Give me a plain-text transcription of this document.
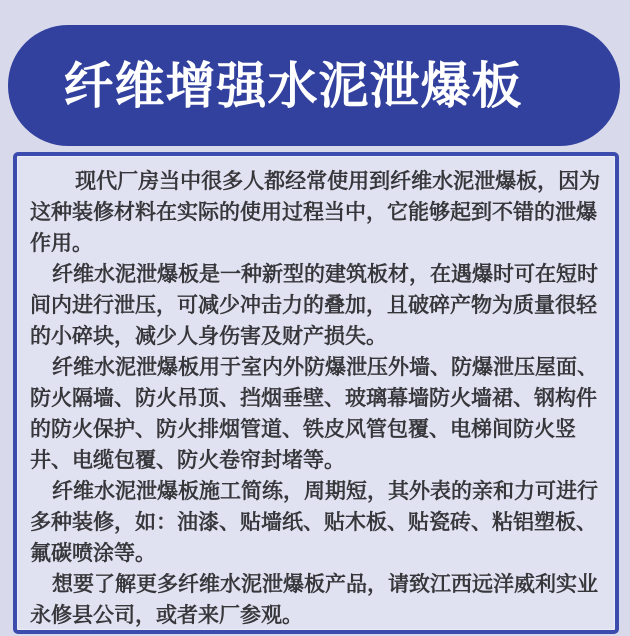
纤维增强水泥泄爆板

现代厂房当中很多人都经常使用到纤维水泥泄爆板，因为这种装修材料在实际的使用过程当中，它能够起到不错的泄爆作用。

纤维水泥泄爆板是一种新型的建筑板材，在遇爆时可在短时间内进行泄压，可减少冲击力的叠加，且破碎产物为质量很轻的小碎块，减少人身伤害及财产损失。

纤维水泥泄爆板用于室内外防爆泄压外墙、防爆泄压屋面、防火隔墙、防火吊顶、挡烟垂壁、玻璃幕墙防火墙裙、钢构件的防火保护、防火排烟管道、铁皮风管包覆、电梯间防火竖井、电缆包覆、防火卷帘封堵等。

纤维水泥泄爆板施工简练，周期短，其外表的亲和力可进行多种装修，如：油漆、贴墙纸、贴木板、贴瓷砖、粘铝塑板、氟碳喷涂等。

想要了解更多纤维水泥泄爆板产品，请致江西远洋威利实业永修县公司，或者来厂参观。
